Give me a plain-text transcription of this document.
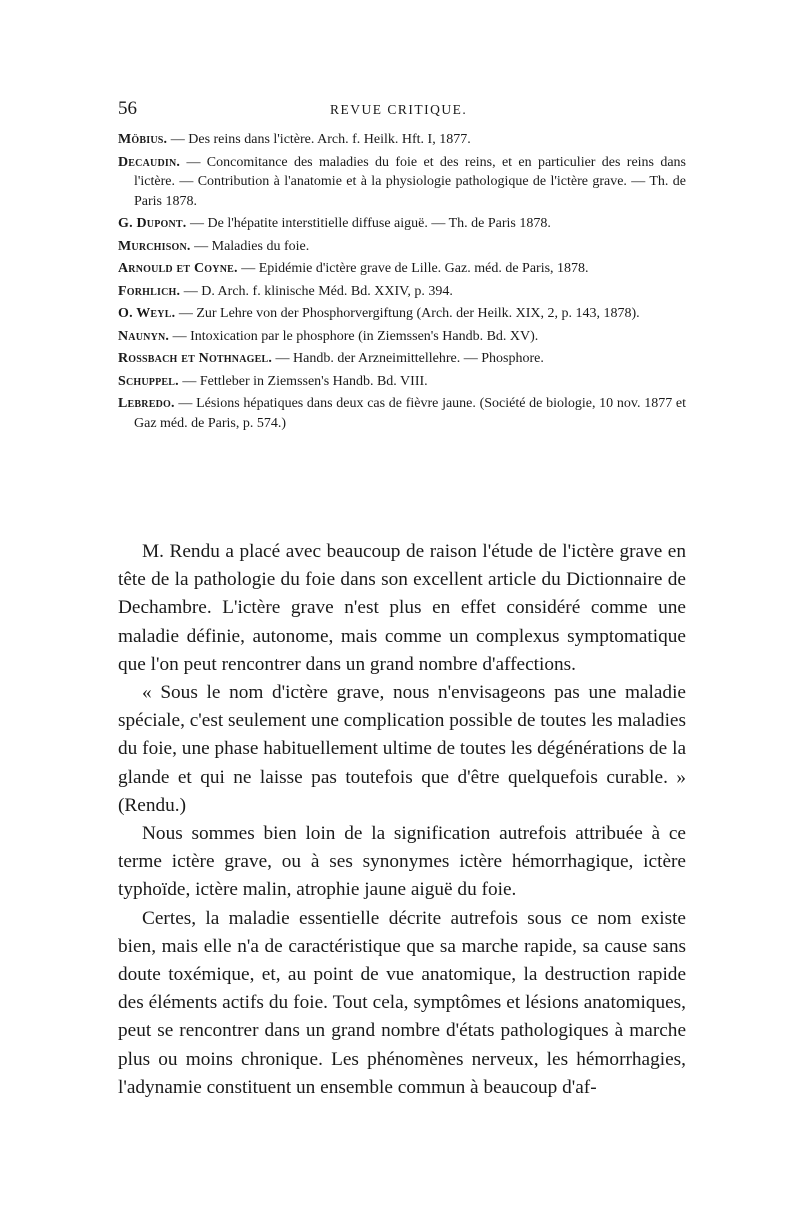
56	REVUE CRITIQUE.

Möbius. — Des reins dans l'ictère. Arch. f. Heilk. Hft. I, 1877.

Decaudin. — Concomitance des maladies du foie et des reins, et en particulier des reins dans l'ictère. — Contribution à l'anatomie et à la physiologie pathologique de l'ictère grave. — Th. de Paris 1878.

G. Dupont. — De l'hépatite interstitielle diffuse aiguë. — Th. de Paris 1878.

Murchison. — Maladies du foie.

Arnould et Coyne. — Epidémie d'ictère grave de Lille. Gaz. méd. de Paris, 1878.

Forhlich. — D. Arch. f. klinische Méd. Bd. XXIV, p. 394.

O. Weyl. — Zur Lehre von der Phosphorvergiftung (Arch. der Heilk. XIX, 2, p. 143, 1878).

Naunyn. — Intoxication par le phosphore (in Ziemssen's Handb. Bd. XV).

Rossbach et Nothnagel. — Handb. der Arzneimittellehre. — Phosphore.

Schuppel. — Fettleber in Ziemssen's Handb. Bd. VIII.

Lebredo. — Lésions hépatiques dans deux cas de fièvre jaune. (Société de biologie, 10 nov. 1877 et Gaz méd. de Paris, p. 574.)

M. Rendu a placé avec beaucoup de raison l'étude de l'ictère grave en tête de la pathologie du foie dans son excellent article du Dictionnaire de Dechambre. L'ictère grave n'est plus en effet considéré comme une maladie définie, autonome, mais comme un complexus symptomatique que l'on peut rencontrer dans un grand nombre d'affections.

« Sous le nom d'ictère grave, nous n'envisageons pas une maladie spéciale, c'est seulement une complication possible de toutes les maladies du foie, une phase habituellement ultime de toutes les dégénérations de la glande et qui ne laisse pas toutefois que d'être quelquefois curable. » (Rendu.)

Nous sommes bien loin de la signification autrefois attribuée à ce terme ictère grave, ou à ses synonymes ictère hémorrhagique, ictère typhoïde, ictère malin, atrophie jaune aiguë du foie.

Certes, la maladie essentielle décrite autrefois sous ce nom existe bien, mais elle n'a de caractéristique que sa marche rapide, sa cause sans doute toxémique, et, au point de vue anatomique, la destruction rapide des éléments actifs du foie. Tout cela, symptômes et lésions anatomiques, peut se rencontrer dans un grand nombre d'états pathologiques à marche plus ou moins chronique. Les phénomènes nerveux, les hémorrhagies, l'adynamie constituent un ensemble commun à beaucoup d'af-
